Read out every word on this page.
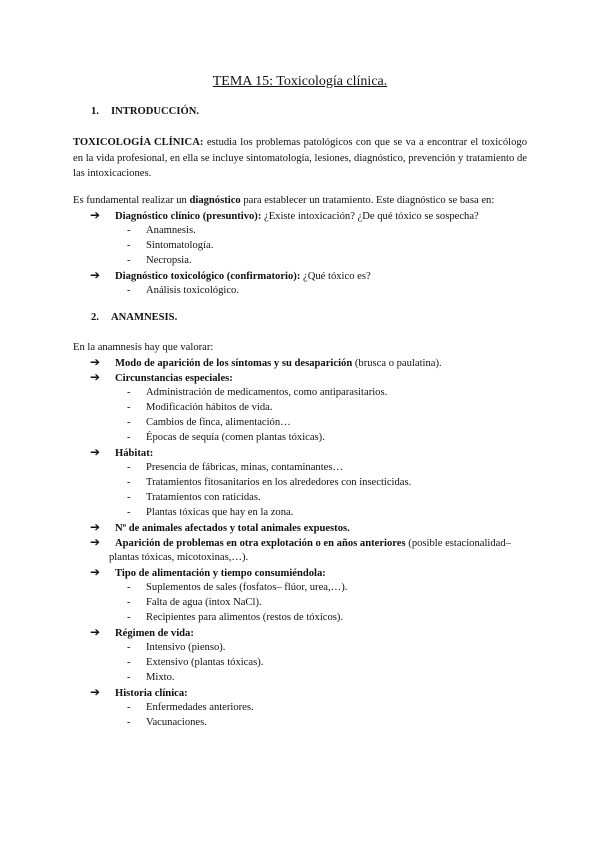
TEMA 15: Toxicología clínica.
1. INTRODUCCIÓN.
TOXICOLOGÍA CLÍNICA: estudia los problemas patológicos con que se va a encontrar el toxicólogo en la vida profesional, en ella se incluye sintomatología, lesiones, diagnóstico, prevención y tratamiento de las intoxicaciones.
Es fundamental realizar un diagnóstico para establecer un tratamiento. Este diagnóstico se basa en:
➔ Diagnóstico clínico (presuntivo): ¿Existe intoxicación? ¿De qué tóxico se sospecha?
- Anamnesis.
- Sintomatología.
- Necropsia.
➔ Diagnóstico toxicológico (confirmatorio): ¿Qué tóxico es?
- Análisis toxicológico.
2. ANAMNESIS.
En la anamnesis hay que valorar:
➔ Modo de aparición de los síntomas y su desaparición (brusca o paulatina).
➔ Circunstancias especiales:
- Administración de medicamentos, como antiparasitarios.
- Modificación hábitos de vida.
- Cambios de finca, alimentación…
- Épocas de sequía (comen plantas tóxicas).
➔ Hábitat:
- Presencia de fábricas, minas, contaminantes…
- Tratamientos fitosanitarios en los alrededores con insecticidas.
- Tratamientos con raticidas.
- Plantas tóxicas que hay en la zona.
➔ Nº de animales afectados y total animales expuestos.
➔ Aparición de problemas en otra explotación o en años anteriores (posible estacionalidad–
plantas tóxicas, micotoxinas,…).
➔ Tipo de alimentación y tiempo consumiéndola:
- Suplementos de sales (fosfatos– flúor, urea,…).
- Falta de agua (intox NaCl).
- Recipientes para alimentos (restos de tóxicos).
➔ Régimen de vida:
- Intensivo (pienso).
- Extensivo (plantas tóxicas).
- Mixto.
➔ Historia clínica:
- Enfermedades anteriores.
- Vacunaciones.
